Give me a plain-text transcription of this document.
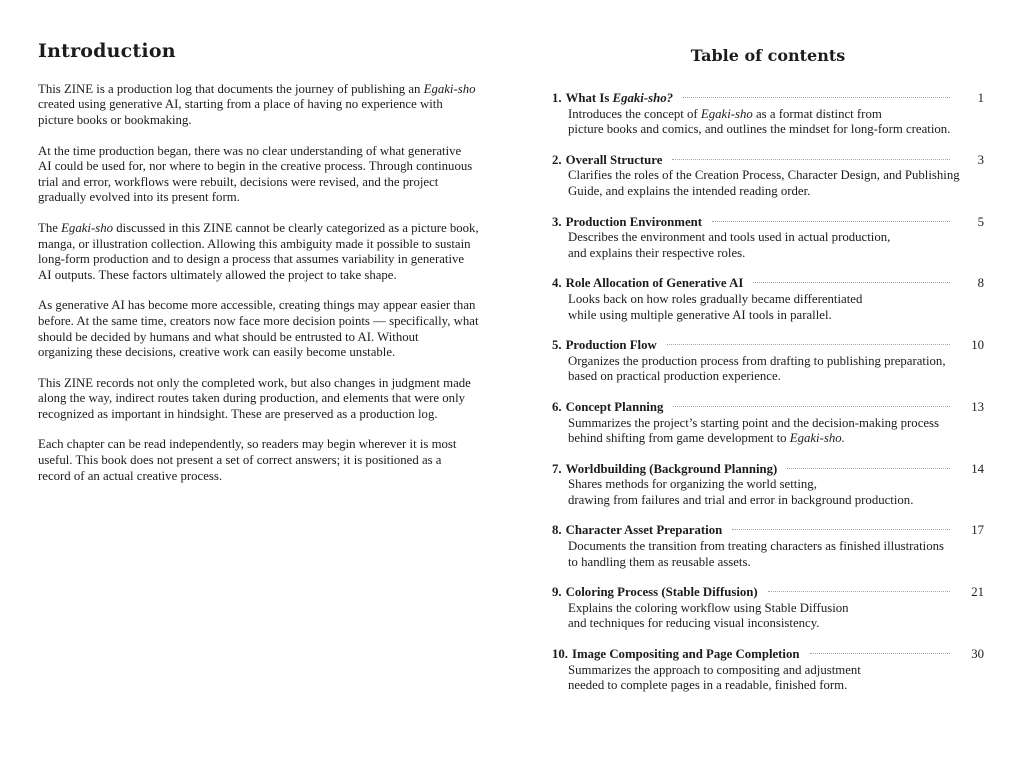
Introduction

This ZINE is a production log that documents the journey of publishing an Egaki-sho
created using generative AI, starting from a place of having no experience with
picture books or bookmaking.

At the time production began, there was no clear understanding of what generative
AI could be used for, nor where to begin in the creative process. Through continuous
trial and error, workflows were rebuilt, decisions were revised, and the project
gradually evolved into its present form.

The Egaki-sho discussed in this ZINE cannot be clearly categorized as a picture book,
manga, or illustration collection. Allowing this ambiguity made it possible to sustain
long-form production and to design a process that assumes variability in generative
AI outputs. These factors ultimately allowed the project to take shape.

As generative AI has become more accessible, creating things may appear easier than
before. At the same time, creators now face more decision points — specifically, what
should be decided by humans and what should be entrusted to AI. Without
organizing these decisions, creative work can easily become unstable.

This ZINE records not only the completed work, but also changes in judgment made
along the way, indirect routes taken during production, and elements that were only
recognized as important in hindsight. These are preserved as a production log.

Each chapter can be read independently, so readers may begin wherever it is most
useful. This book does not present a set of correct answers; it is positioned as a
record of an actual creative process.

Table of contents
1. What Is Egaki-sho?	1
Introduces the concept of Egaki-sho as a format distinct from
picture books and comics, and outlines the mindset for long-form creation.
2. Overall Structure	3
Clarifies the roles of the Creation Process, Character Design, and Publishing
Guide, and explains the intended reading order.
3. Production Environment	5
Describes the environment and tools used in actual production,
and explains their respective roles.
4. Role Allocation of Generative AI	8
Looks back on how roles gradually became differentiated
while using multiple generative AI tools in parallel.
5. Production Flow	10
Organizes the production process from drafting to publishing preparation,
based on practical production experience.
6. Concept Planning	13
Summarizes the project’s starting point and the decision-making process
behind shifting from game development to Egaki-sho.
7. Worldbuilding (Background Planning)	14
Shares methods for organizing the world setting,
drawing from failures and trial and error in background production.
8. Character Asset Preparation	17
Documents the transition from treating characters as finished illustrations
to handling them as reusable assets.
9. Coloring Process (Stable Diffusion)	21
Explains the coloring workflow using Stable Diffusion
and techniques for reducing visual inconsistency.
10. Image Compositing and Page Completion	30
Summarizes the approach to compositing and adjustment
needed to complete pages in a readable, finished form.
